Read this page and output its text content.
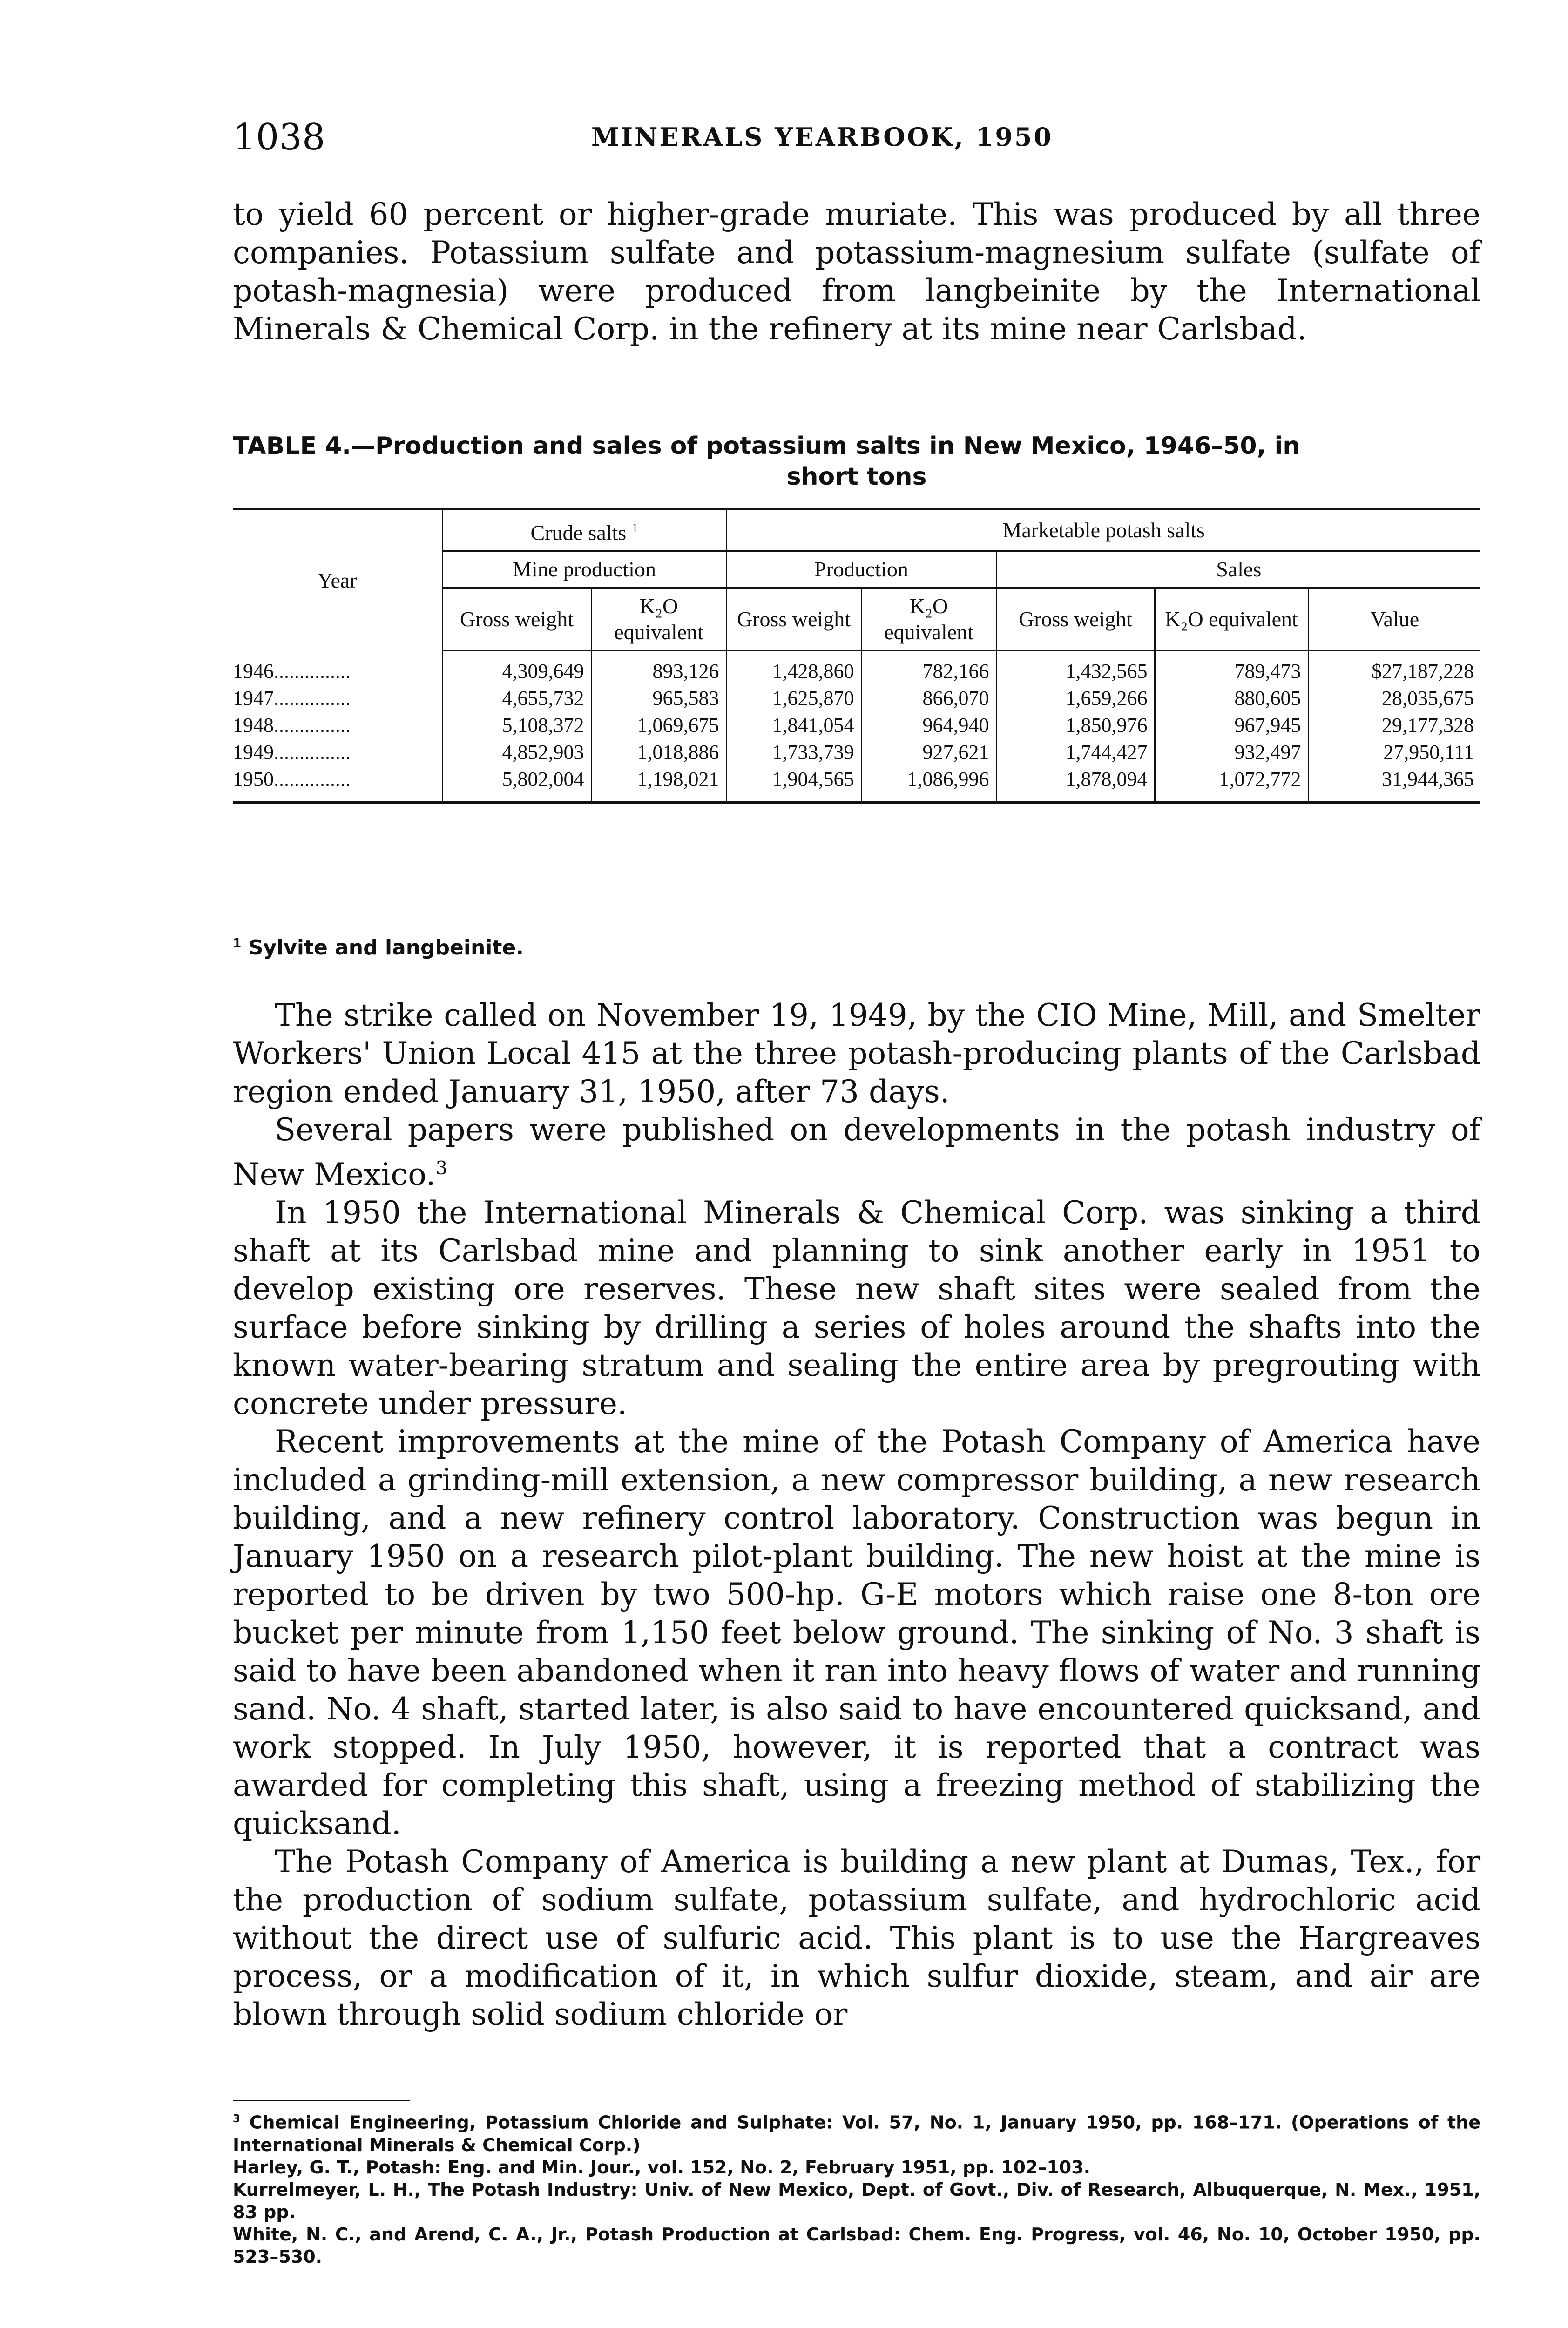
1038	MINERALS YEARBOOK, 1950

to yield 60 percent or higher-grade muriate. This was produced by all three companies. Potassium sulfate and potassium-magnesium sulfate (sulfate of potash-magnesia) were produced from langbeinite by the International Minerals & Chemical Corp. in the refinery at its mine near Carlsbad.

TABLE 4.—Production and sales of potassium salts in New Mexico, 1946–50, in
short tons
Year	Crude salts $^1$		Marketable potash salts				
	Mine production		Production		Sales		
	Gross weight	K₂O equivalent	Gross weight	K₂O equivalent	Gross weight	K₂O equivalent	Value
1946...............	4,309,649	893,126	1,428,860	782,166	1,432,565	789,473	$27,187,228
1947...............	4,655,732	965,583	1,625,870	866,070	1,659,266	880,605	28,035,675
1948...............	5,108,372	1,069,675	1,841,054	964,940	1,850,976	967,945	29,177,328
1949...............	4,852,903	1,018,886	1,733,739	927,621	1,744,427	932,497	27,950,111
1950...............	5,802,004	1,198,021	1,904,565	1,086,996	1,878,094	1,072,772	31,944,365
$^1$ Sylvite and langbeinite.

The strike called on November 19, 1949, by the CIO Mine, Mill, and Smelter Workers' Union Local 415 at the three potash-producing plants of the Carlsbad region ended January 31, 1950, after 73 days.

Several papers were published on developments in the potash industry of New Mexico.$^3$

In 1950 the International Minerals & Chemical Corp. was sinking a third shaft at its Carlsbad mine and planning to sink another early in 1951 to develop existing ore reserves. These new shaft sites were sealed from the surface before sinking by drilling a series of holes around the shafts into the known water-bearing stratum and sealing the entire area by pregrouting with concrete under pressure.

Recent improvements at the mine of the Potash Company of America have included a grinding-mill extension, a new compressor building, a new research building, and a new refinery control laboratory. Construction was begun in January 1950 on a research pilot-plant building. The new hoist at the mine is reported to be driven by two 500-hp. G-E motors which raise one 8-ton ore bucket per minute from 1,150 feet below ground. The sinking of No. 3 shaft is said to have been abandoned when it ran into heavy flows of water and running sand. No. 4 shaft, started later, is also said to have encountered quicksand, and work stopped. In July 1950, however, it is reported that a contract was awarded for completing this shaft, using a freezing method of stabilizing the quicksand.

The Potash Company of America is building a new plant at Dumas, Tex., for the production of sodium sulfate, potassium sulfate, and hydrochloric acid without the direct use of sulfuric acid. This plant is to use the Hargreaves process, or a modification of it, in which sulfur dioxide, steam, and air are blown through solid sodium chloride or

$^3$ Chemical Engineering, Potassium Chloride and Sulphate: Vol. 57, No. 1, January 1950, pp. 168–171. (Operations of the International Minerals & Chemical Corp.)

Harley, G. T., Potash: Eng. and Min. Jour., vol. 152, No. 2, February 1951, pp. 102–103.

Kurrelmeyer, L. H., The Potash Industry: Univ. of New Mexico, Dept. of Govt., Div. of Research, Albuquerque, N. Mex., 1951, 83 pp.

White, N. C., and Arend, C. A., Jr., Potash Production at Carlsbad: Chem. Eng. Progress, vol. 46, No. 10, October 1950, pp. 523–530.
